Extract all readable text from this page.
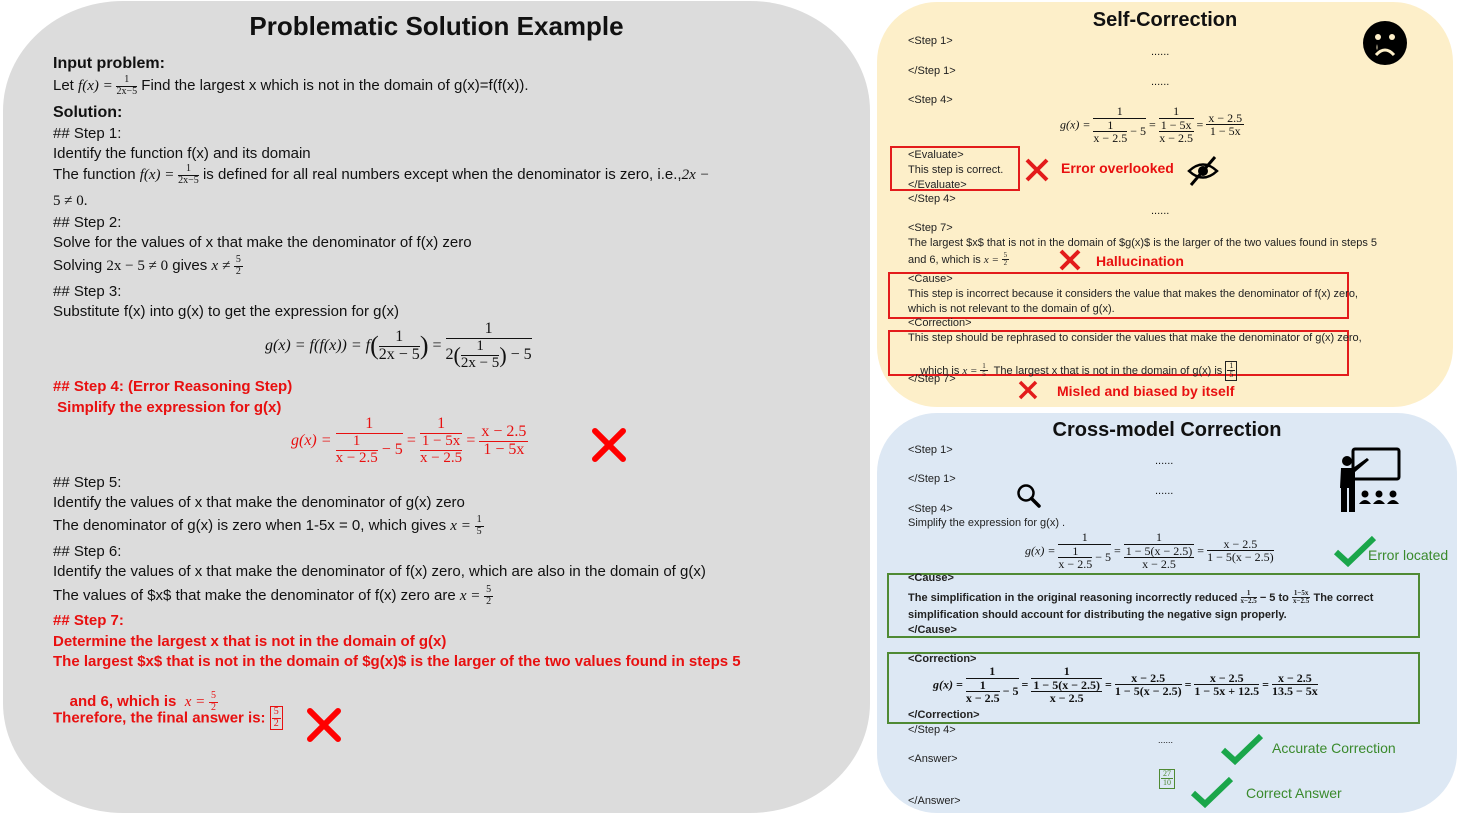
Problematic Solution Example
Input problem:
Let $f(x) = \frac{1}{2x-5}$ Find the largest x which is not in the domain of g(x)=f(f(x)).
Solution:
## Step 1:
Identify the function f(x) and its domain
The function $f(x) = \frac{1}{2x-5}$ is defined for all real numbers except when the denominator is zero, i.e.,2x −
5 ≠ 0.
## Step 2:
Solve for the values of x that make the denominator of f(x) zero
Solving 2x − 5 ≠ 0 gives $x \ne \frac{5}{2}$
## Step 3:
Substitute f(x) into g(x) to get the expression for g(x)
$g(x) = f(f(x)) = f( \frac{1}{2x - 5}$ ) = $\frac{1}{2( \frac{1}{2x - 5} ) - 5}$
## Step 4: (Error Reasoning Step)
Simplify the expression for g(x)
$g(x) = \frac{1}{\frac{1}{x - 2.5} - 5} = \frac{1}{\frac{1 - 5x}{x - 2.5}} = \frac{x - 2.5}{1 - 5x}$
## Step 5:
Identify the values of x that make the denominator of g(x) zero
The denominator of g(x) is zero when 1-5x = 0, which gives $x = \frac{1}{5}$
## Step 6:
Identify the values of x that make the denominator of f(x) zero, which are also in the domain of g(x)
The values of $x$ that make the denominator of f(x) zero are $x = \frac{5}{2}$
## Step 7:
Determine the largest x that is not in the domain of g(x)
The largest $x$ that is not in the domain of $g(x)$ is the larger of the two values found in steps 5

and 6, which is  $x = \frac{5}{2}$

Therefore, the final answer is: $\frac{5}{2}$
Self-Correction
<Step 1>
......
</Step 1>
......
<Step 4>
$g(x) = \frac{1}{\frac{1}{x - 2.5} - 5} = \frac{1}{\frac{1 - 5x}{x - 2.5}} = \frac{x - 2.5}{1 - 5x}$
<Evaluate>
This step is correct.
</Evaluate>
Error overlooked
</Step 4>
......
<Step 7>
The largest $x$ that is not in the domain of $g(x)$ is the larger of the two values found in steps 5
and 6, which is $x = \frac{5}{2}$	Hallucination
<Cause>
This step is incorrect because it considers the value that makes the denominator of f(x) zero,
which is not relevant to the domain of g(x).
<Correction>
This step should be rephrased to consider the values that make the denominator of g(x) zero,

which is $x = \frac{1}{5}$ The largest x that is not in the domain of g(x) is $\frac{1}{5}$

</Step 7>
Misled and biased by itself
Cross-model Correction
<Step 1>
......
</Step 1>
......
<Step 4>
Simplify the expression for g(x) .
$g(x) = \frac{1}{\frac{1}{x - 2.5} - 5} = \frac{1}{\frac{1 - 5(x - 2.5)}{x - 2.5}} = \frac{x - 2.5}{1 - 5(x - 2.5)}$	Error located
<Cause>
The simplification in the original reasoning incorrectly reduced $\frac{1}{x-2.5} - 5$ to $\frac{1-5x}{x-2.5}$ The correct
simplification should account for distributing the negative sign properly.
</Cause>
<Correction>
$g(x) = \frac{1}{\frac{1}{x - 2.5} - 5} = \frac{1}{\frac{1 - 5(x - 2.5)}{x - 2.5}} = \frac{x - 2.5}{1 - 5(x - 2.5)} = \frac{x - 2.5}{1 - 5x + 12.5} = \frac{x - 2.5}{13.5 - 5x}$
</Correction>
</Step 4>
......	Accurate Correction
<Answer>
$\frac{27}{10}$
Correct Answer
</Answer>
